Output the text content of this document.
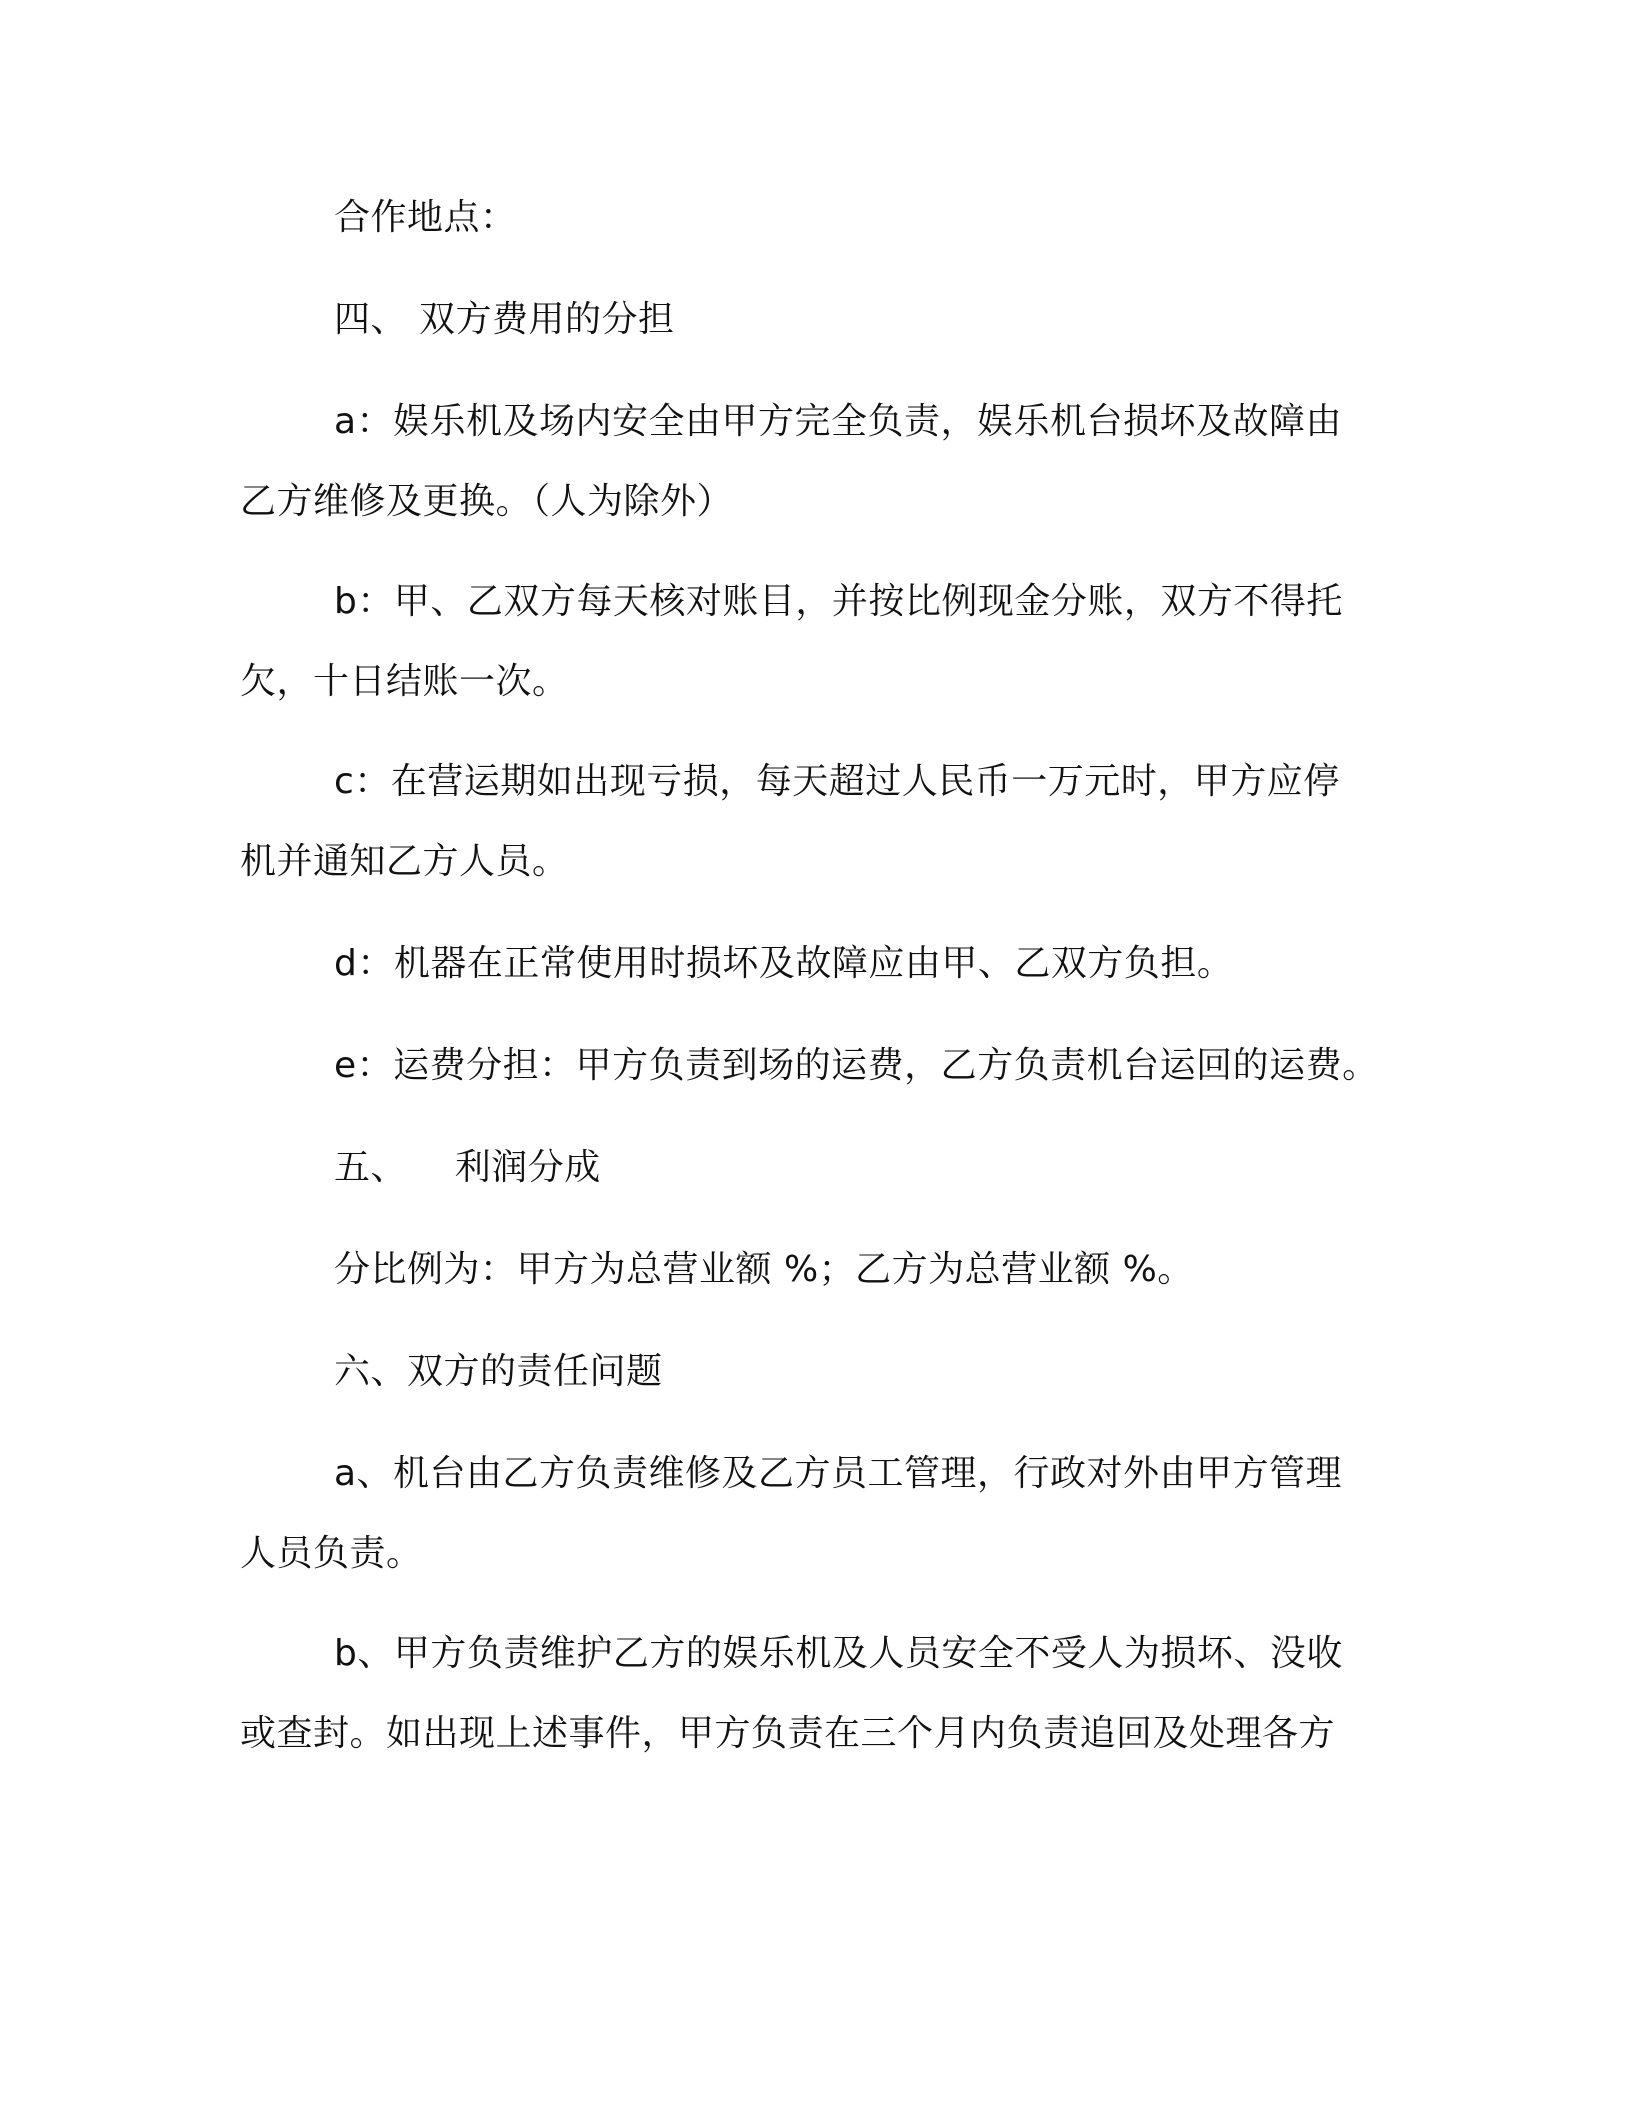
合作地点：
四、 双方费用的分担
a：娱乐机及场内安全由甲方完全负责，娱乐机台损坏及故障由
乙方维修及更换。（人为除外）
b：甲、乙双方每天核对账目，并按比例现金分账，双方不得托
欠，十日结账一次。
c：在营运期如出现亏损，每天超过人民币一万元时，甲方应停
机并通知乙方人员。
d：机器在正常使用时损坏及故障应由甲、乙双方负担。
e：运费分担：甲方负责到场的运费，乙方负责机台运回的运费。
五、    利润分成
分比例为：甲方为总营业额 %；乙方为总营业额 %。
六、双方的责任问题
a、机台由乙方负责维修及乙方员工管理，行政对外由甲方管理
人员负责。
b、甲方负责维护乙方的娱乐机及人员安全不受人为损坏、没收
或查封。如出现上述事件，甲方负责在三个月内负责追回及处理各方
